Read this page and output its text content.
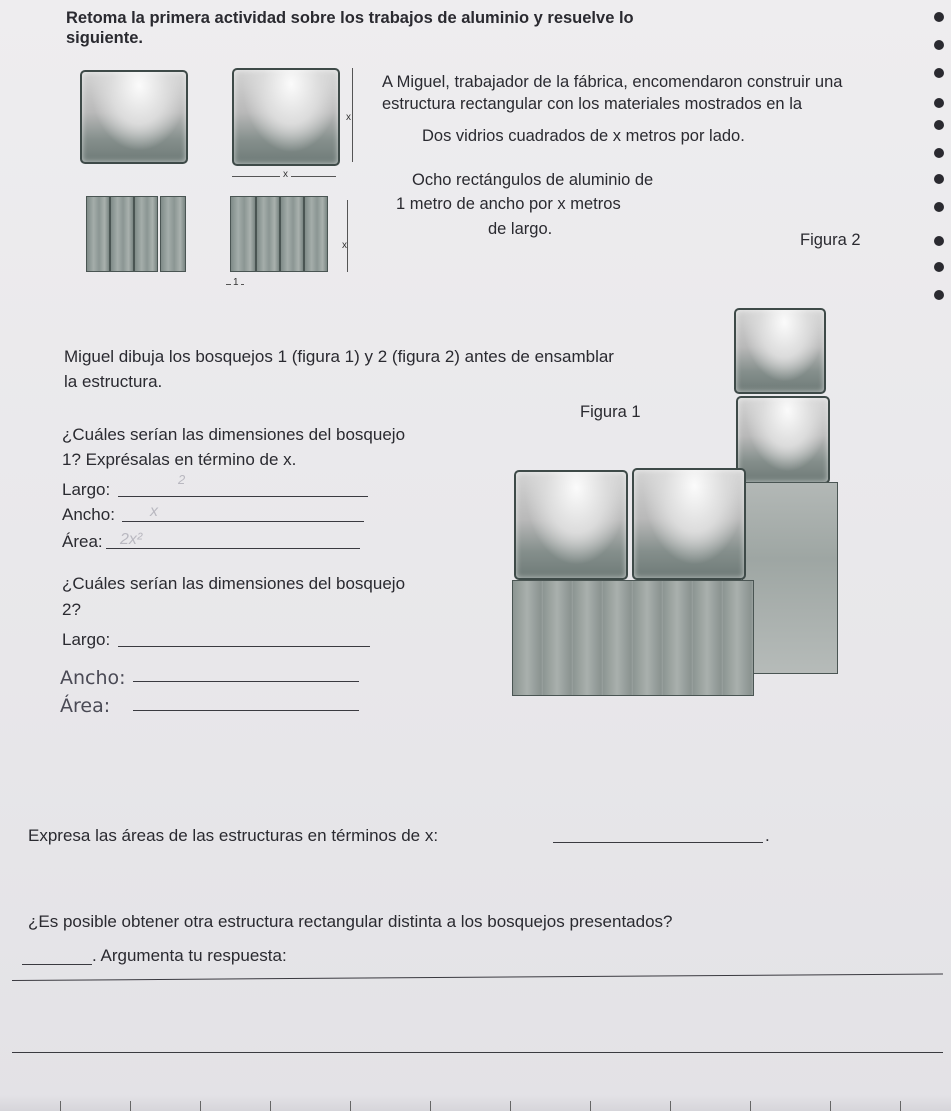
Retoma la primera actividad sobre los trabajos de aluminio y resuelve lo
siguiente.
x
x
x
1
A Miguel, trabajador de la fábrica, encomendaron construir una
estructura rectangular con los materiales mostrados en la
Dos vidrios cuadrados de x metros por lado.
Ocho rectángulos de aluminio de
1 metro de ancho por x metros
de largo.
Figura 2
Figura 1
Miguel dibuja los bosquejos 1 (figura 1) y 2 (figura 2) antes de ensamblar
la estructura.
¿Cuáles serían las dimensiones del bosquejo
1? Exprésalas en término de x.
Largo:
2
Ancho: x
Área: 2x²
¿Cuáles serían las dimensiones del bosquejo
2?
Largo:
Ancho:
Área:
Expresa las áreas de las estructuras en términos de x:	.
¿Es posible obtener otra estructura rectangular distinta a los bosquejos presentados?
. Argumenta tu respuesta:
